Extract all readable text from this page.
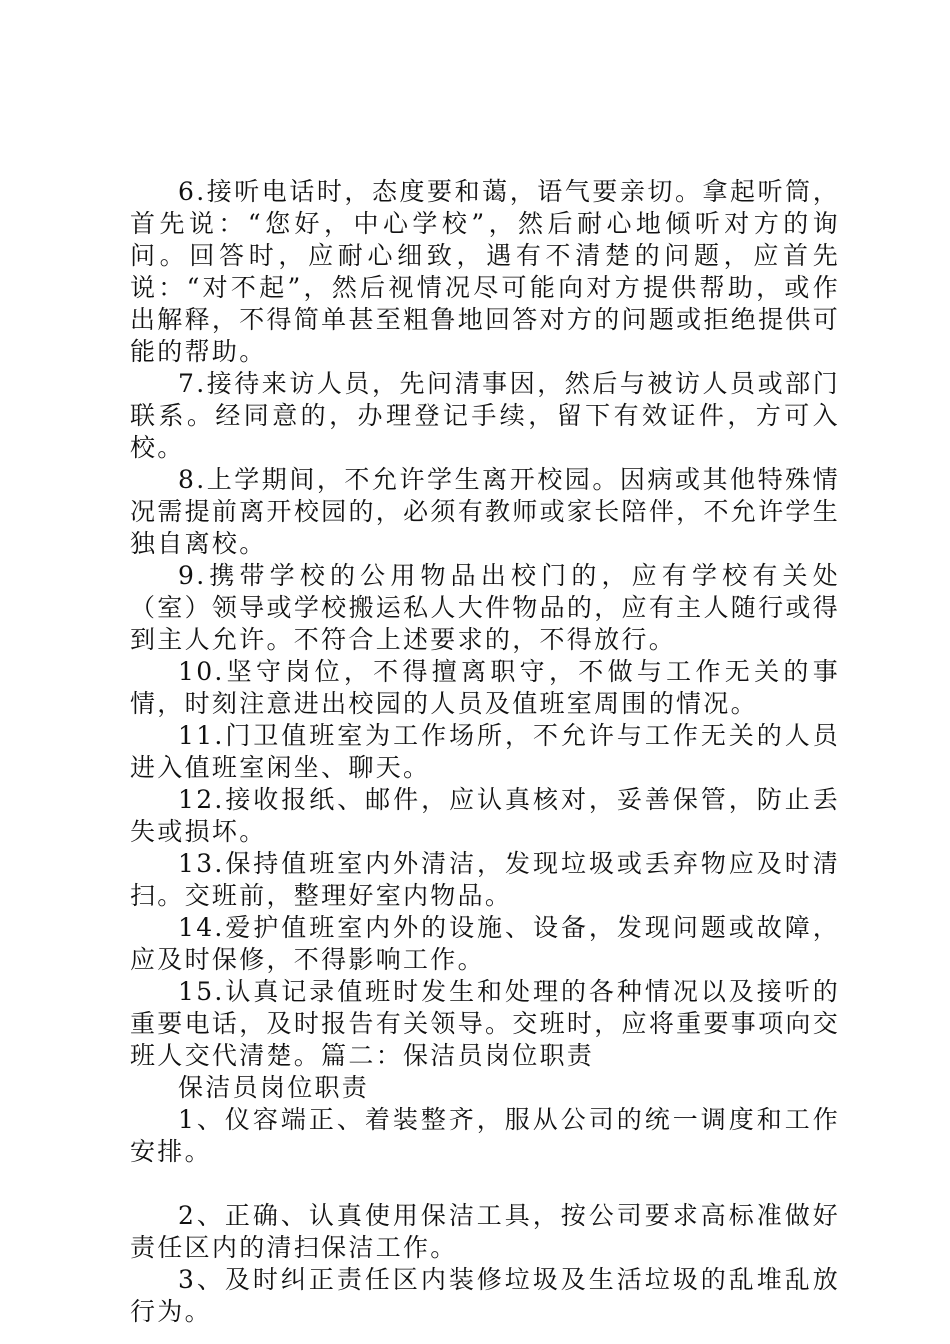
6.接听电话时，态度要和蔼，语气要亲切。拿起听筒，首先说：“您好，中心学校”，然后耐心地倾听对方的询问。回答时，应耐心细致，遇有不清楚的问题，应首先说：“对不起”，然后视情况尽可能向对方提供帮助，或作出解释，不得简单甚至粗鲁地回答对方的问题或拒绝提供可能的帮助。

7.接待来访人员，先问清事因，然后与被访人员或部门联系。经同意的，办理登记手续，留下有效证件，方可入校。

8.上学期间，不允许学生离开校园。因病或其他特殊情况需提前离开校园的，必须有教师或家长陪伴，不允许学生独自离校。

9.携带学校的公用物品出校门的，应有学校有关处（室）领导或学校搬运私人大件物品的，应有主人随行或得到主人允许。不符合上述要求的，不得放行。

10.坚守岗位，不得擅离职守，不做与工作无关的事情，时刻注意进出校园的人员及值班室周围的情况。

11.门卫值班室为工作场所，不允许与工作无关的人员进入值班室闲坐、聊天。

12.接收报纸、邮件，应认真核对，妥善保管，防止丢失或损坏。

13.保持值班室内外清洁，发现垃圾或丢弃物应及时清扫。交班前，整理好室内物品。

14.爱护值班室内外的设施、设备，发现问题或故障，应及时保修，不得影响工作。

15.认真记录值班时发生和处理的各种情况以及接听的重要电话，及时报告有关领导。交班时，应将重要事项向交班人交代清楚。篇二：保洁员岗位职责

保洁员岗位职责

1、仪容端正、着装整齐，服从公司的统一调度和工作安排。

2、正确、认真使用保洁工具，按公司要求高标准做好责任区内的清扫保洁工作。

3、及时纠正责任区内装修垃圾及生活垃圾的乱堆乱放行为。
